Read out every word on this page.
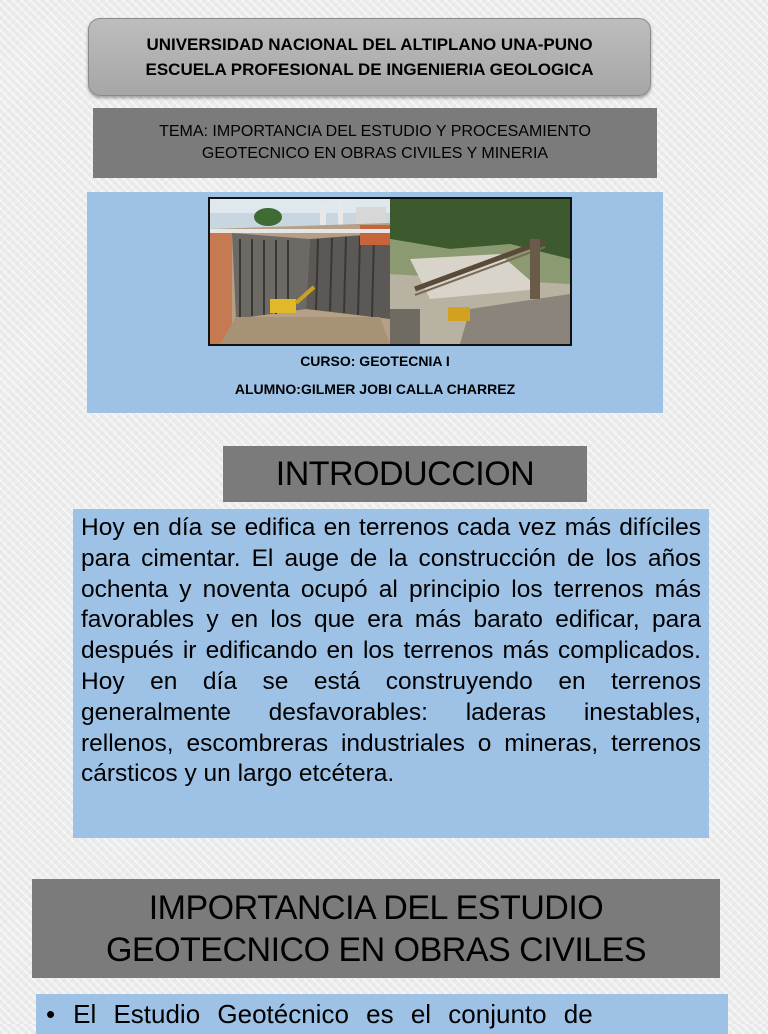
UNIVERSIDAD NACIONAL DEL ALTIPLANO UNA-PUNO
ESCUELA PROFESIONAL DE INGENIERIA GEOLOGICA
TEMA: IMPORTANCIA DEL ESTUDIO Y PROCESAMIENTO
GEOTECNICO EN OBRAS CIVILES Y MINERIA
CURSO: GEOTECNIA I
ALUMNO:GILMER JOBI CALLA CHARREZ
INTRODUCCION
Hoy en día se edifica en terrenos cada vez más difíciles para cimentar. El auge de la construcción de los años ochenta y noventa ocupó al principio los terrenos más favorables y en los que era más barato edificar, para después ir edificando en los terrenos más complicados. Hoy en día se está construyendo en terrenos generalmente desfavorables: laderas inestables, rellenos, escombreras industriales o mineras, terrenos cársticos y un largo etcétera.
IMPORTANCIA DEL ESTUDIO
GEOTECNICO EN OBRAS CIVILES
• El Estudio Geotécnico es el conjunto de
